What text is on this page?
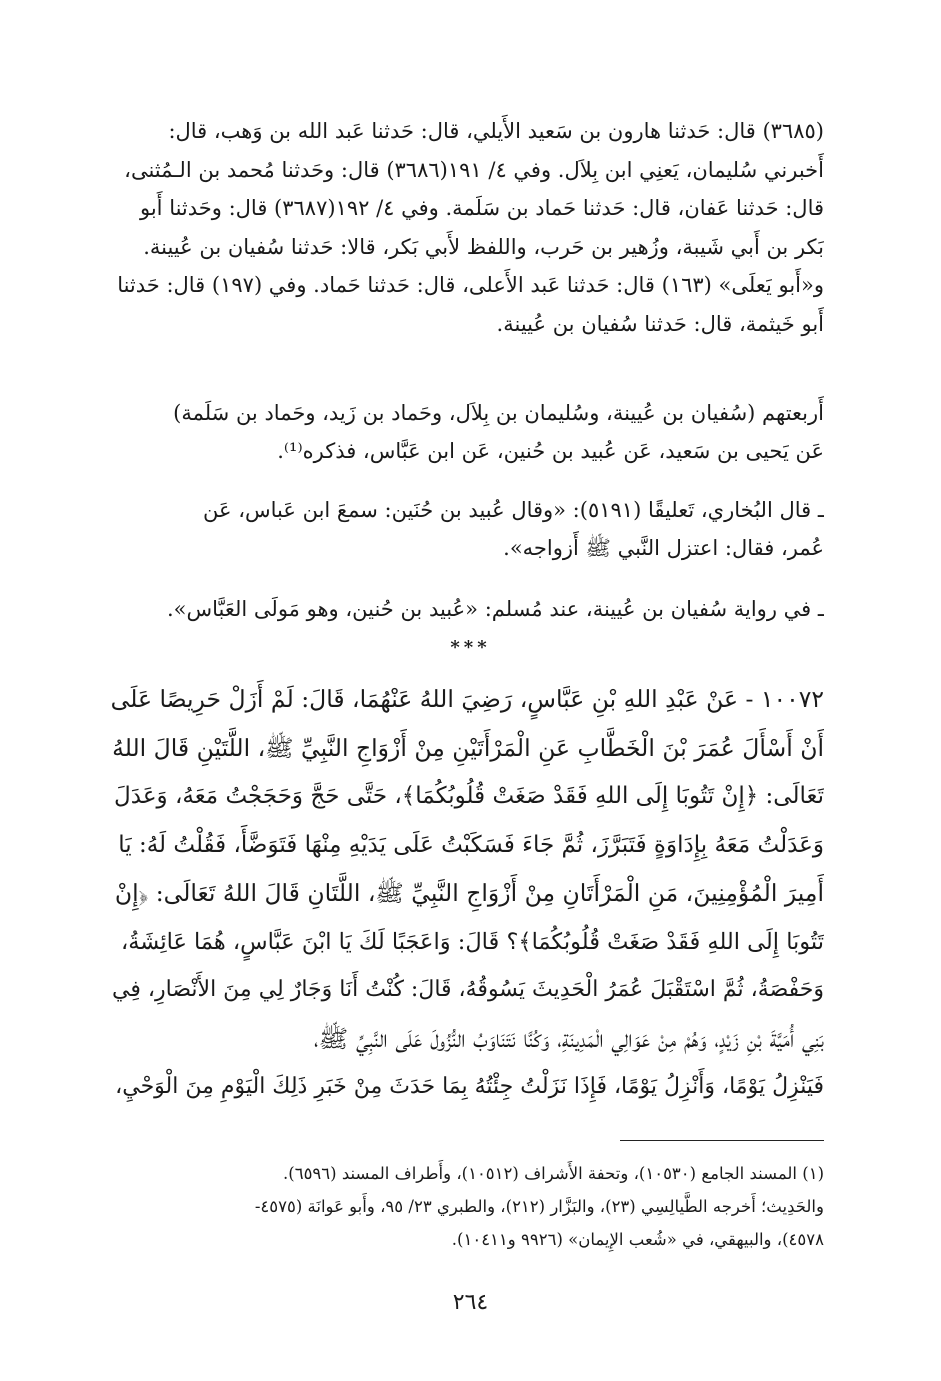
(٣٦٨٥) قال: حَدثنا هارون بن سَعيد الأَيلي، قال: حَدثنا عَبد الله بن وَهب، قال:
أَخبرني سُليمان، يَعنِي ابن بِلاَل. وفي ٤/ ١٩١(٣٦٨٦) قال: وحَدثنا مُحمد بن الـمُثنى،
قال: حَدثنا عَفان، قال: حَدثنا حَماد بن سَلَمة. وفي ٤/ ١٩٢(٣٦٨٧) قال: وحَدثنا أَبو
بَكر بن أَبي شَيبة، وزُهير بن حَرب، واللفظ لأَبي بَكر، قالا: حَدثنا سُفيان بن عُيينة.
و«أَبو يَعلَى» (١٦٣) قال: حَدثنا عَبد الأَعلى، قال: حَدثنا حَماد. وفي (١٩٧) قال: حَدثنا
أَبو خَيثمة، قال: حَدثنا سُفيان بن عُيينة.
أَربعتهم (سُفيان بن عُيينة، وسُليمان بن بِلاَل، وحَماد بن زَيد، وحَماد بن سَلَمة)
عَن يَحيى بن سَعيد، عَن عُبيد بن حُنين، عَن ابن عَبَّاس، فذكره⁽¹⁾.
ـ قال البُخاري، تَعليقًا (٥١٩١): «وقال عُبيد بن حُنَين: سمعَ ابن عَباس، عَن
عُمر، فقال: اعتزل النَّبي ﷺ أَزواجه».
ـ في رواية سُفيان بن عُيينة، عند مُسلم: «عُبيد بن حُنين، وهو مَولَى العَبَّاس».
***
١٠٠٧٢ - عَنْ عَبْدِ اللهِ بْنِ عَبَّاسٍ، رَضِيَ اللهُ عَنْهُمَا، قَالَ: لَمْ أَزَلْ حَرِيصًا عَلَى
أَنْ أَسْأَلَ عُمَرَ بْنَ الْخَطَّابِ عَنِ الْمَرْأَتَيْنِ مِنْ أَزْوَاجِ النَّبِيِّ ﷺ، اللَّتَيْنِ قَالَ اللهُ
تَعَالَى: ﴿إِنْ تَتُوبَا إِلَى اللهِ فَقَدْ صَغَتْ قُلُوبُكُمَا﴾، حَتَّى حَجَّ وَحَجَجْتُ مَعَهُ، وَعَدَلَ
وَعَدَلْتُ مَعَهُ بِإِدَاوَةٍ فَتَبَرَّزَ، ثُمَّ جَاءَ فَسَكَبْتُ عَلَى يَدَيْهِ مِنْهَا فَتَوَضَّأَ، فَقُلْتُ لَهُ: يَا
أَمِيرَ الْمُؤْمِنِينَ، مَنِ الْمَرْأَتَانِ مِنْ أَزْوَاجِ النَّبِيِّ ﷺ، اللَّتَانِ قَالَ اللهُ تَعَالَى: ﴿إِنْ
تَتُوبَا إِلَى اللهِ فَقَدْ صَغَتْ قُلُوبُكُمَا﴾؟ قَالَ: وَاعَجَبًا لَكَ يَا ابْنَ عَبَّاسٍ، هُمَا عَائِشَةُ،
وَحَفْصَةُ، ثُمَّ اسْتَقْبَلَ عُمَرُ الْحَدِيثَ يَسُوقُهُ، قَالَ: كُنْتُ أَنَا وَجَارٌ لِي مِنَ الأَنْصَارِ، فِي
بَنِي أُمَيَّةَ بْنِ زَيْدٍ، وَهُمْ مِنْ عَوَالِي الْمَدِينَةِ، وَكُنَّا نَتَنَاوَبُ النُّزُولَ عَلَى النَّبِيِّ ﷺ،
فَيَنْزِلُ يَوْمًا، وَأَنْزِلُ يَوْمًا، فَإِذَا نَزَلْتُ جِئْتُهُ بِمَا حَدَثَ مِنْ خَبَرِ ذَلِكَ الْيَوْمِ مِنَ الْوَحْيِ،
(١) المسند الجامع (١٠٥٣٠)، وتحفة الأَشراف (١٠٥١٢)، وأَطراف المسند (٦٥٩٦).
والحَدِيث؛ أَخرجه الطَّيالِسِي (٢٣)، والبَزَّار (٢١٢)، والطبري ٢٣/ ٩٥، وأَبو عَوانَة (٤٥٧٥-
٤٥٧٨)، والبيهقي، في «شُعب الإِيمان» (٩٩٢٦ و١٠٤١١).
٢٦٤
